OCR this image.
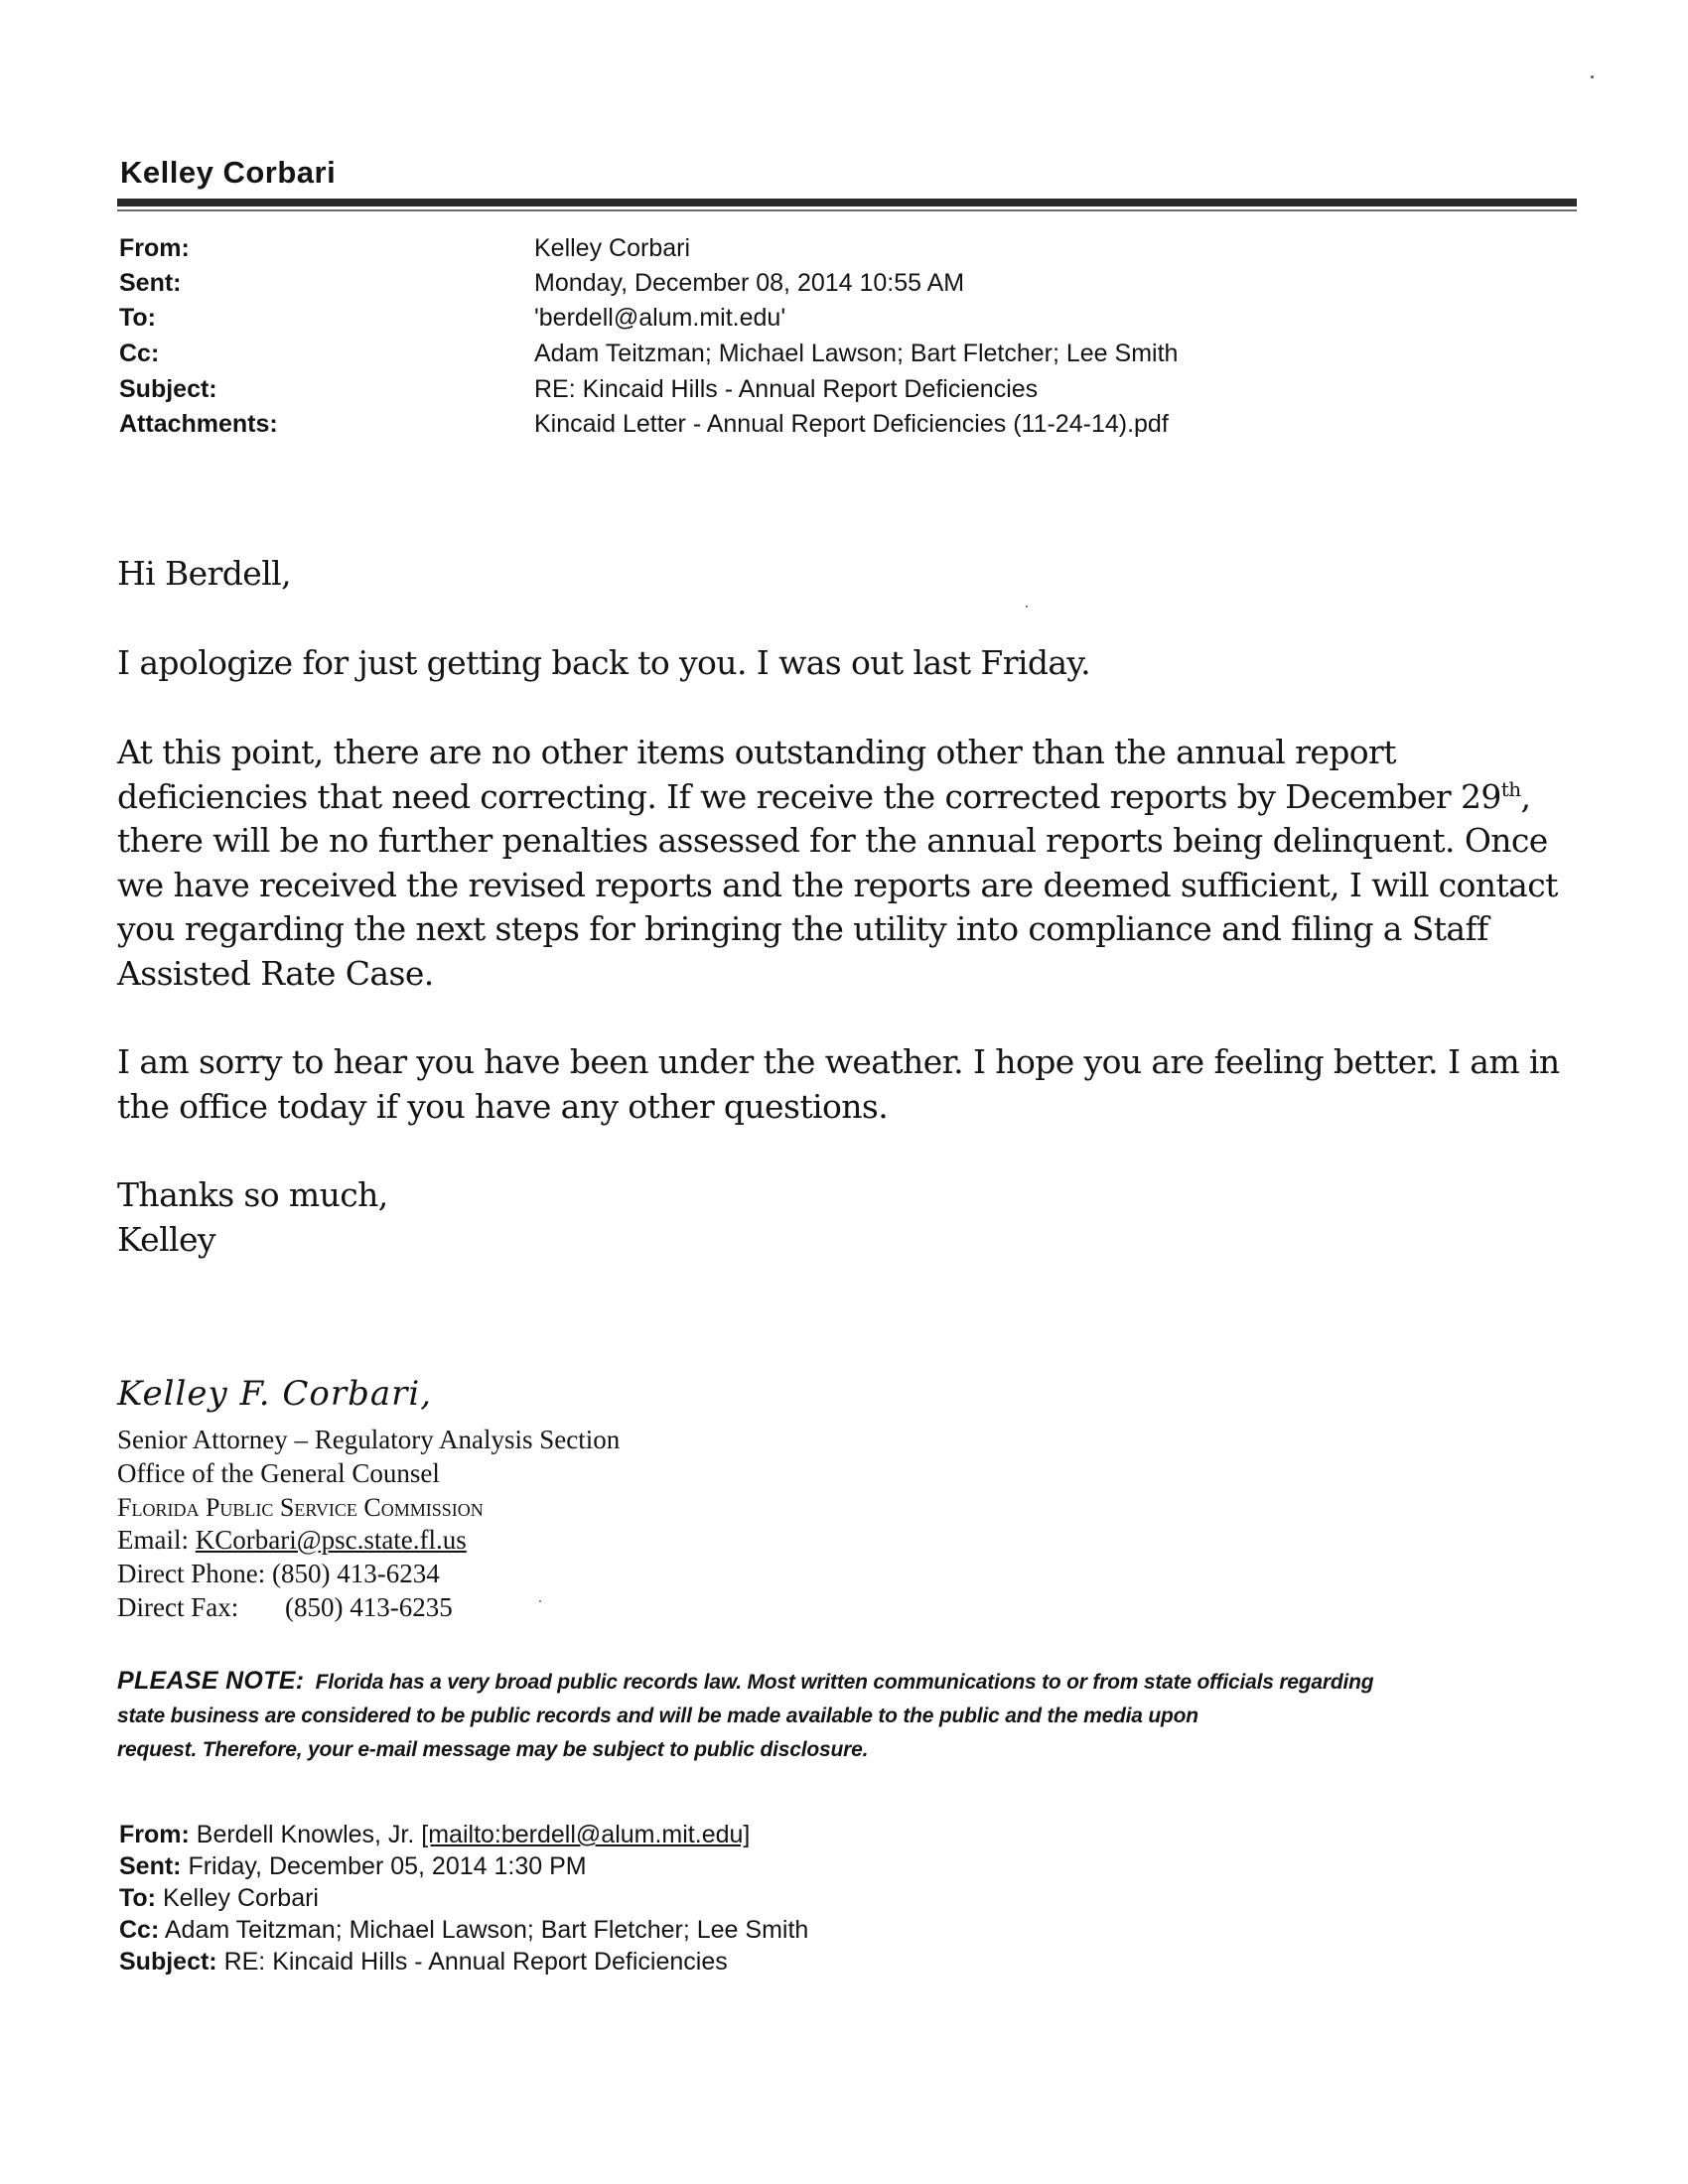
Kelley Corbari
From:	Kelley Corbari
Sent:	Monday, December 08, 2014 10:55 AM
To:	'berdell@alum.mit.edu'
Cc:	Adam Teitzman; Michael Lawson; Bart Fletcher; Lee Smith
Subject:	RE: Kincaid Hills - Annual Report Deficiencies
Attachments:	Kincaid Letter - Annual Report Deficiencies (11-24-14).pdf
Hi Berdell,
I apologize for just getting back to you. I was out last Friday.
At this point, there are no other items outstanding other than the annual report
deficiencies that need correcting. If we receive the corrected reports by December 29th,
there will be no further penalties assessed for the annual reports being delinquent. Once
we have received the revised reports and the reports are deemed sufficient, I will contact
you regarding the next steps for bringing the utility into compliance and filing a Staff
Assisted Rate Case.
I am sorry to hear you have been under the weather. I hope you are feeling better. I am in
the office today if you have any other questions.
Thanks so much,
Kelley
Kelley F. Corbari,
Senior Attorney – Regulatory Analysis Section
Office of the General Counsel
Florida Public Service Commission
Email: KCorbari@psc.state.fl.us
Direct Phone: (850) 413-6234
Direct Fax: (850) 413-6235
PLEASE NOTE: Florida has a very broad public records law. Most written communications to or from state officials regarding
state business are considered to be public records and will be made available to the public and the media upon
request. Therefore, your e-mail message may be subject to public disclosure.
From: Berdell Knowles, Jr. [mailto:berdell@alum.mit.edu]
Sent: Friday, December 05, 2014 1:30 PM
To: Kelley Corbari
Cc: Adam Teitzman; Michael Lawson; Bart Fletcher; Lee Smith
Subject: RE: Kincaid Hills - Annual Report Deficiencies
